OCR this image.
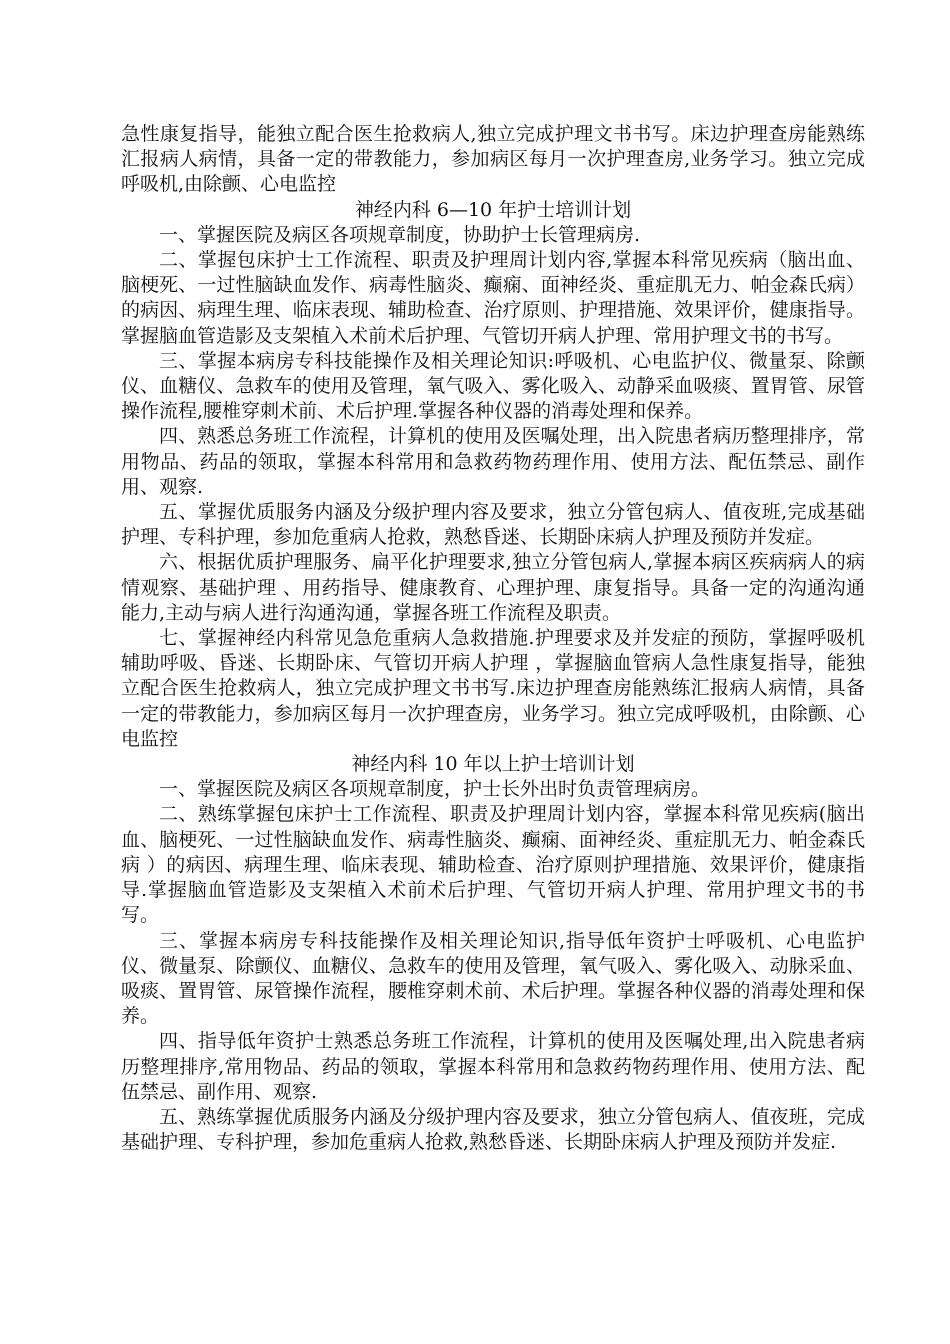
急性康复指导，能独立配合医生抢救病人,独立完成护理文书书写。床边护理查房能熟练汇报病人病情，具备一定的带教能力，参加病区每月一次护理查房,业务学习。独立完成呼吸机,由除颤、心电监控

神经内科 6—10 年护士培训计划

一、掌握医院及病区各项规章制度，协助护士长管理病房.

二、掌握包床护士工作流程、职责及护理周计划内容,掌握本科常见疾病（脑出血、脑梗死、一过性脑缺血发作、病毒性脑炎、癫痫、面神经炎、重症肌无力、帕金森氏病）的病因、病理生理、临床表现、辅助检查、治疗原则、护理措施、效果评价，健康指导。掌握脑血管造影及支架植入术前术后护理、气管切开病人护理、常用护理文书的书写。

三、掌握本病房专科技能操作及相关理论知识:呼吸机、心电监护仪、微量泵、除颤仪、血糖仪、急救车的使用及管理，氧气吸入、雾化吸入、动静采血吸痰、置胃管、尿管操作流程,腰椎穿刺术前、术后护理.掌握各种仪器的消毒处理和保养。

四、熟悉总务班工作流程，计算机的使用及医嘱处理，出入院患者病历整理排序，常用物品、药品的领取，掌握本科常用和急救药物药理作用、使用方法、配伍禁忌、副作用、观察.

五、掌握优质服务内涵及分级护理内容及要求，独立分管包病人、值夜班,完成基础护理、专科护理，参加危重病人抢救，熟愁昏迷、长期卧床病人护理及预防并发症。

六、根据优质护理服务、扁平化护理要求,独立分管包病人,掌握本病区疾病病人的病情观察、基础护理 、用药指导、健康教育、心理护理、康复指导。具备一定的沟通沟通能力,主动与病人进行沟通沟通，掌握各班工作流程及职责。

七、掌握神经内科常见急危重病人急救措施.护理要求及并发症的预防，掌握呼吸机辅助呼吸、昏迷、长期卧床、气管切开病人护理 ，掌握脑血管病人急性康复指导，能独立配合医生抢救病人，独立完成护理文书书写.床边护理查房能熟练汇报病人病情，具备一定的带教能力，参加病区每月一次护理查房，业务学习。独立完成呼吸机，由除颤、心电监控

神经内科 10 年以上护士培训计划

一、掌握医院及病区各项规章制度，护士长外出时负责管理病房。

二、熟练掌握包床护士工作流程、职责及护理周计划内容，掌握本科常见疾病(脑出血、脑梗死、一过性脑缺血发作、病毒性脑炎、癫痫、面神经炎、重症肌无力、帕金森氏病 ）的病因、病理生理、临床表现、辅助检查、治疗原则护理措施、效果评价，健康指导.掌握脑血管造影及支架植入术前术后护理、气管切开病人护理、常用护理文书的书写。

三、掌握本病房专科技能操作及相关理论知识,指导低年资护士呼吸机、心电监护仪、微量泵、除颤仪、血糖仪、急救车的使用及管理，氧气吸入、雾化吸入、动脉采血、吸痰、置胃管、尿管操作流程，腰椎穿刺术前、术后护理。掌握各种仪器的消毒处理和保养。

四、指导低年资护士熟悉总务班工作流程，计算机的使用及医嘱处理,出入院患者病历整理排序,常用物品、药品的领取，掌握本科常用和急救药物药理作用、使用方法、配伍禁忌、副作用、观察.

五、熟练掌握优质服务内涵及分级护理内容及要求，独立分管包病人、值夜班，完成基础护理、专科护理，参加危重病人抢救,熟愁昏迷、长期卧床病人护理及预防并发症.
